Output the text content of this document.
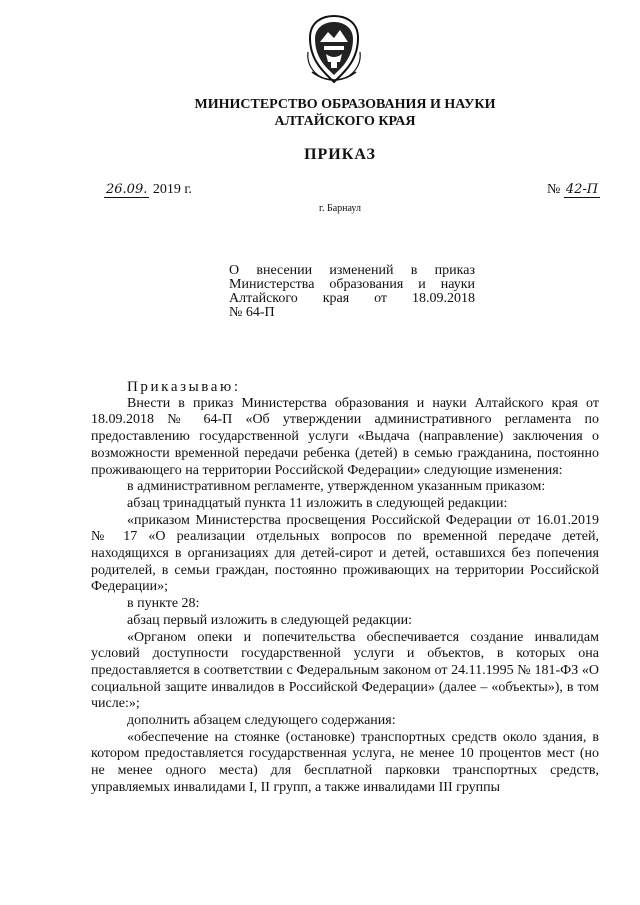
МИНИСТЕРСТВО ОБРАЗОВАНИЯ И НАУКИ
АЛТАЙСКОГО КРАЯ
ПРИКАЗ
26.09. 2019 г.	№ 42-П
г. Барнаул
О внесении изменений в приказ
Министерства образования и науки
Алтайского края от 18.09.2018
№ 64-П

Приказываю:

Внести в приказ Министерства образования и науки Алтайского края от 18.09.2018 № 64-П «Об утверждении административного регламента по предоставлению государственной услуги «Выдача (направление) заключения о возможности временной передачи ребенка (детей) в семью гражданина, постоянно проживающего на территории Российской Федерации» следующие изменения:

в административном регламенте, утвержденном указанным приказом:

абзац тринадцатый пункта 11 изложить в следующей редакции:

«приказом Министерства просвещения Российской Федерации от 16.01.2019 № 17 «О реализации отдельных вопросов по временной передаче детей, находящихся в организациях для детей-сирот и детей, оставшихся без попечения родителей, в семьи граждан, постоянно проживающих на территории Российской Федерации»;

в пункте 28:

абзац первый изложить в следующей редакции:

«Органом опеки и попечительства обеспечивается создание инвалидам условий доступности государственной услуги и объектов, в которых она предоставляется в соответствии с Федеральным законом от 24.11.1995 № 181-ФЗ «О социальной защите инвалидов в Российской Федерации» (далее – «объекты»), в том числе:»;

дополнить абзацем следующего содержания:

«обеспечение на стоянке (остановке) транспортных средств около здания, в котором предоставляется государственная услуга, не менее 10 процентов мест (но не менее одного места) для бесплатной парковки транспортных средств, управляемых инвалидами I, II групп, а также инвалидами III группы
